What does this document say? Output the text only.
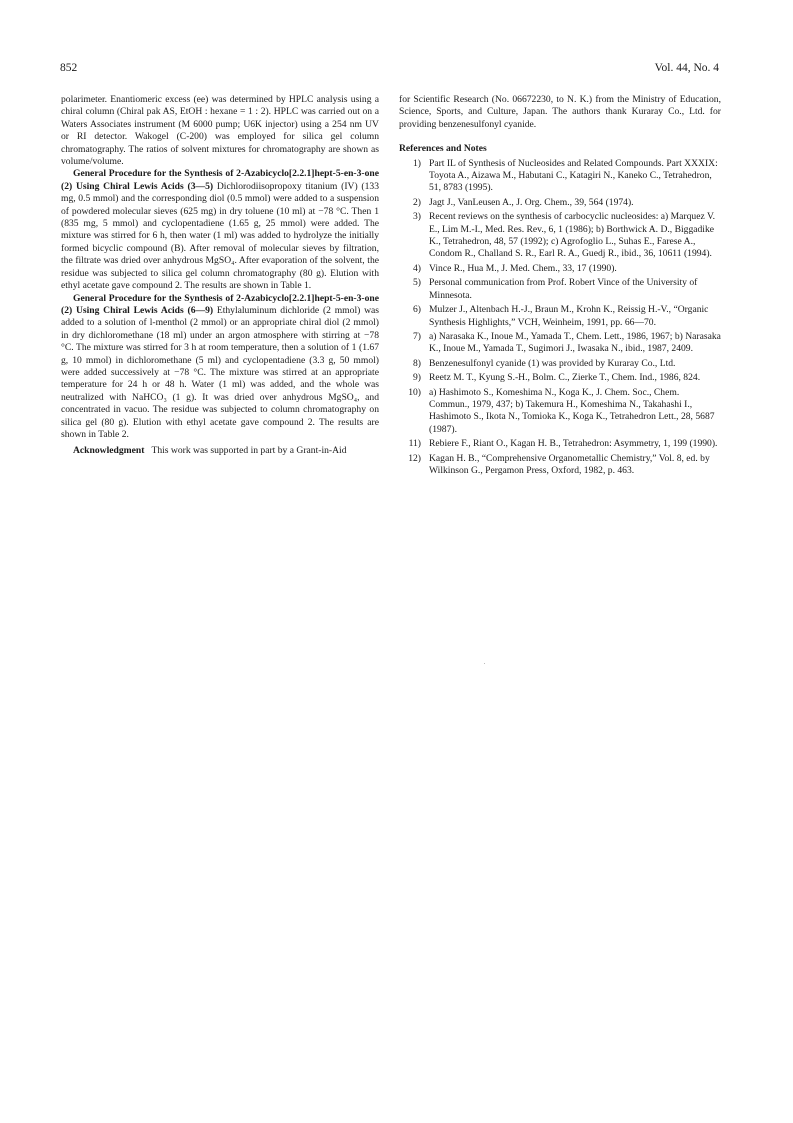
852	Vol. 44, No. 4

polarimeter. Enantiomeric excess (ee) was determined by HPLC analysis using a chiral column (Chiral pak AS, EtOH : hexane = 1 : 2). HPLC was carried out on a Waters Associates instrument (M 6000 pump; U6K injector) using a 254 nm UV or RI detector. Wakogel (C-200) was employed for silica gel column chromatography. The ratios of solvent mixtures for chromatography are shown as volume/volume.

General Procedure for the Synthesis of 2-Azabicyclo[2.2.1]hept-5-en-3-one (2) Using Chiral Lewis Acids (3—5) Dichlorodiisopropoxy titanium (IV) (133 mg, 0.5 mmol) and the corresponding diol (0.5 mmol) were added to a suspension of powdered molecular sieves (625 mg) in dry toluene (10 ml) at −78 °C. Then 1 (835 mg, 5 mmol) and cyclopentadiene (1.65 g, 25 mmol) were added. The mixture was stirred for 6 h, then water (1 ml) was added to hydrolyze the initially formed bicyclic compound (B). After removal of molecular sieves by filtration, the filtrate was dried over anhydrous MgSO₄. After evaporation of the solvent, the residue was subjected to silica gel column chromatography (80 g). Elution with ethyl acetate gave compound 2. The results are shown in Table 1.

General Procedure for the Synthesis of 2-Azabicyclo[2.2.1]hept-5-en-3-one (2) Using Chiral Lewis Acids (6—9) Ethylaluminum dichloride (2 mmol) was added to a solution of l-menthol (2 mmol) or an appropriate chiral diol (2 mmol) in dry dichloromethane (18 ml) under an argon atmosphere with stirring at −78 °C. The mixture was stirred for 3 h at room temperature, then a solution of 1 (1.67 g, 10 mmol) in dichloromethane (5 ml) and cyclopentadiene (3.3 g, 50 mmol) were added successively at −78 °C. The mixture was stirred at an appropriate temperature for 24 h or 48 h. Water (1 ml) was added, and the whole was neutralized with NaHCO₃ (1 g). It was dried over anhydrous MgSO₄, and concentrated in vacuo. The residue was subjected to column chromatography on silica gel (80 g). Elution with ethyl acetate gave compound 2. The results are shown in Table 2.

Acknowledgment This work was supported in part by a Grant-in-Aid

for Scientific Research (No. 06672230, to N. K.) from the Ministry of Education, Science, Sports, and Culture, Japan. The authors thank Kuraray Co., Ltd. for providing benzenesulfonyl cyanide.

References and Notes

1) Part IL of Synthesis of Nucleosides and Related Compounds. Part XXXIX: Toyota A., Aizawa M., Habutani C., Katagiri N., Kaneko C., Tetrahedron, 51, 8783 (1995).
2) Jagt J., VanLeusen A., J. Org. Chem., 39, 564 (1974).
3) Recent reviews on the synthesis of carbocyclic nucleosides: a) Marquez V. E., Lim M.-I., Med. Res. Rev., 6, 1 (1986); b) Borthwick A. D., Biggadike K., Tetrahedron, 48, 57 (1992); c) Agrofoglio L., Suhas E., Farese A., Condom R., Challand S. R., Earl R. A., Guedj R., ibid., 36, 10611 (1994).
4) Vince R., Hua M., J. Med. Chem., 33, 17 (1990).
5) Personal communication from Prof. Robert Vince of the University of Minnesota.
6) Mulzer J., Altenbach H.-J., Braun M., Krohn K., Reissig H.-V., “Organic Synthesis Highlights,” VCH, Weinheim, 1991, pp. 66—70.
7) a) Narasaka K., Inoue M., Yamada T., Chem. Lett., 1986, 1967; b) Narasaka K., Inoue M., Yamada T., Sugimori J., Iwasaka N., ibid., 1987, 2409.
8) Benzenesulfonyl cyanide (1) was provided by Kuraray Co., Ltd.
9) Reetz M. T., Kyung S.-H., Bolm. C., Zierke T., Chem. Ind., 1986, 824.
10) a) Hashimoto S., Komeshima N., Koga K., J. Chem. Soc., Chem. Commun., 1979, 437; b) Takemura H., Komeshima N., Takahashi I., Hashimoto S., Ikota N., Tomioka K., Koga K., Tetrahedron Lett., 28, 5687 (1987).
11) Rebiere F., Riant O., Kagan H. B., Tetrahedron: Asymmetry, 1, 199 (1990).
12) Kagan H. B., “Comprehensive Organometallic Chemistry,” Vol. 8, ed. by Wilkinson G., Pergamon Press, Oxford, 1982, p. 463.
